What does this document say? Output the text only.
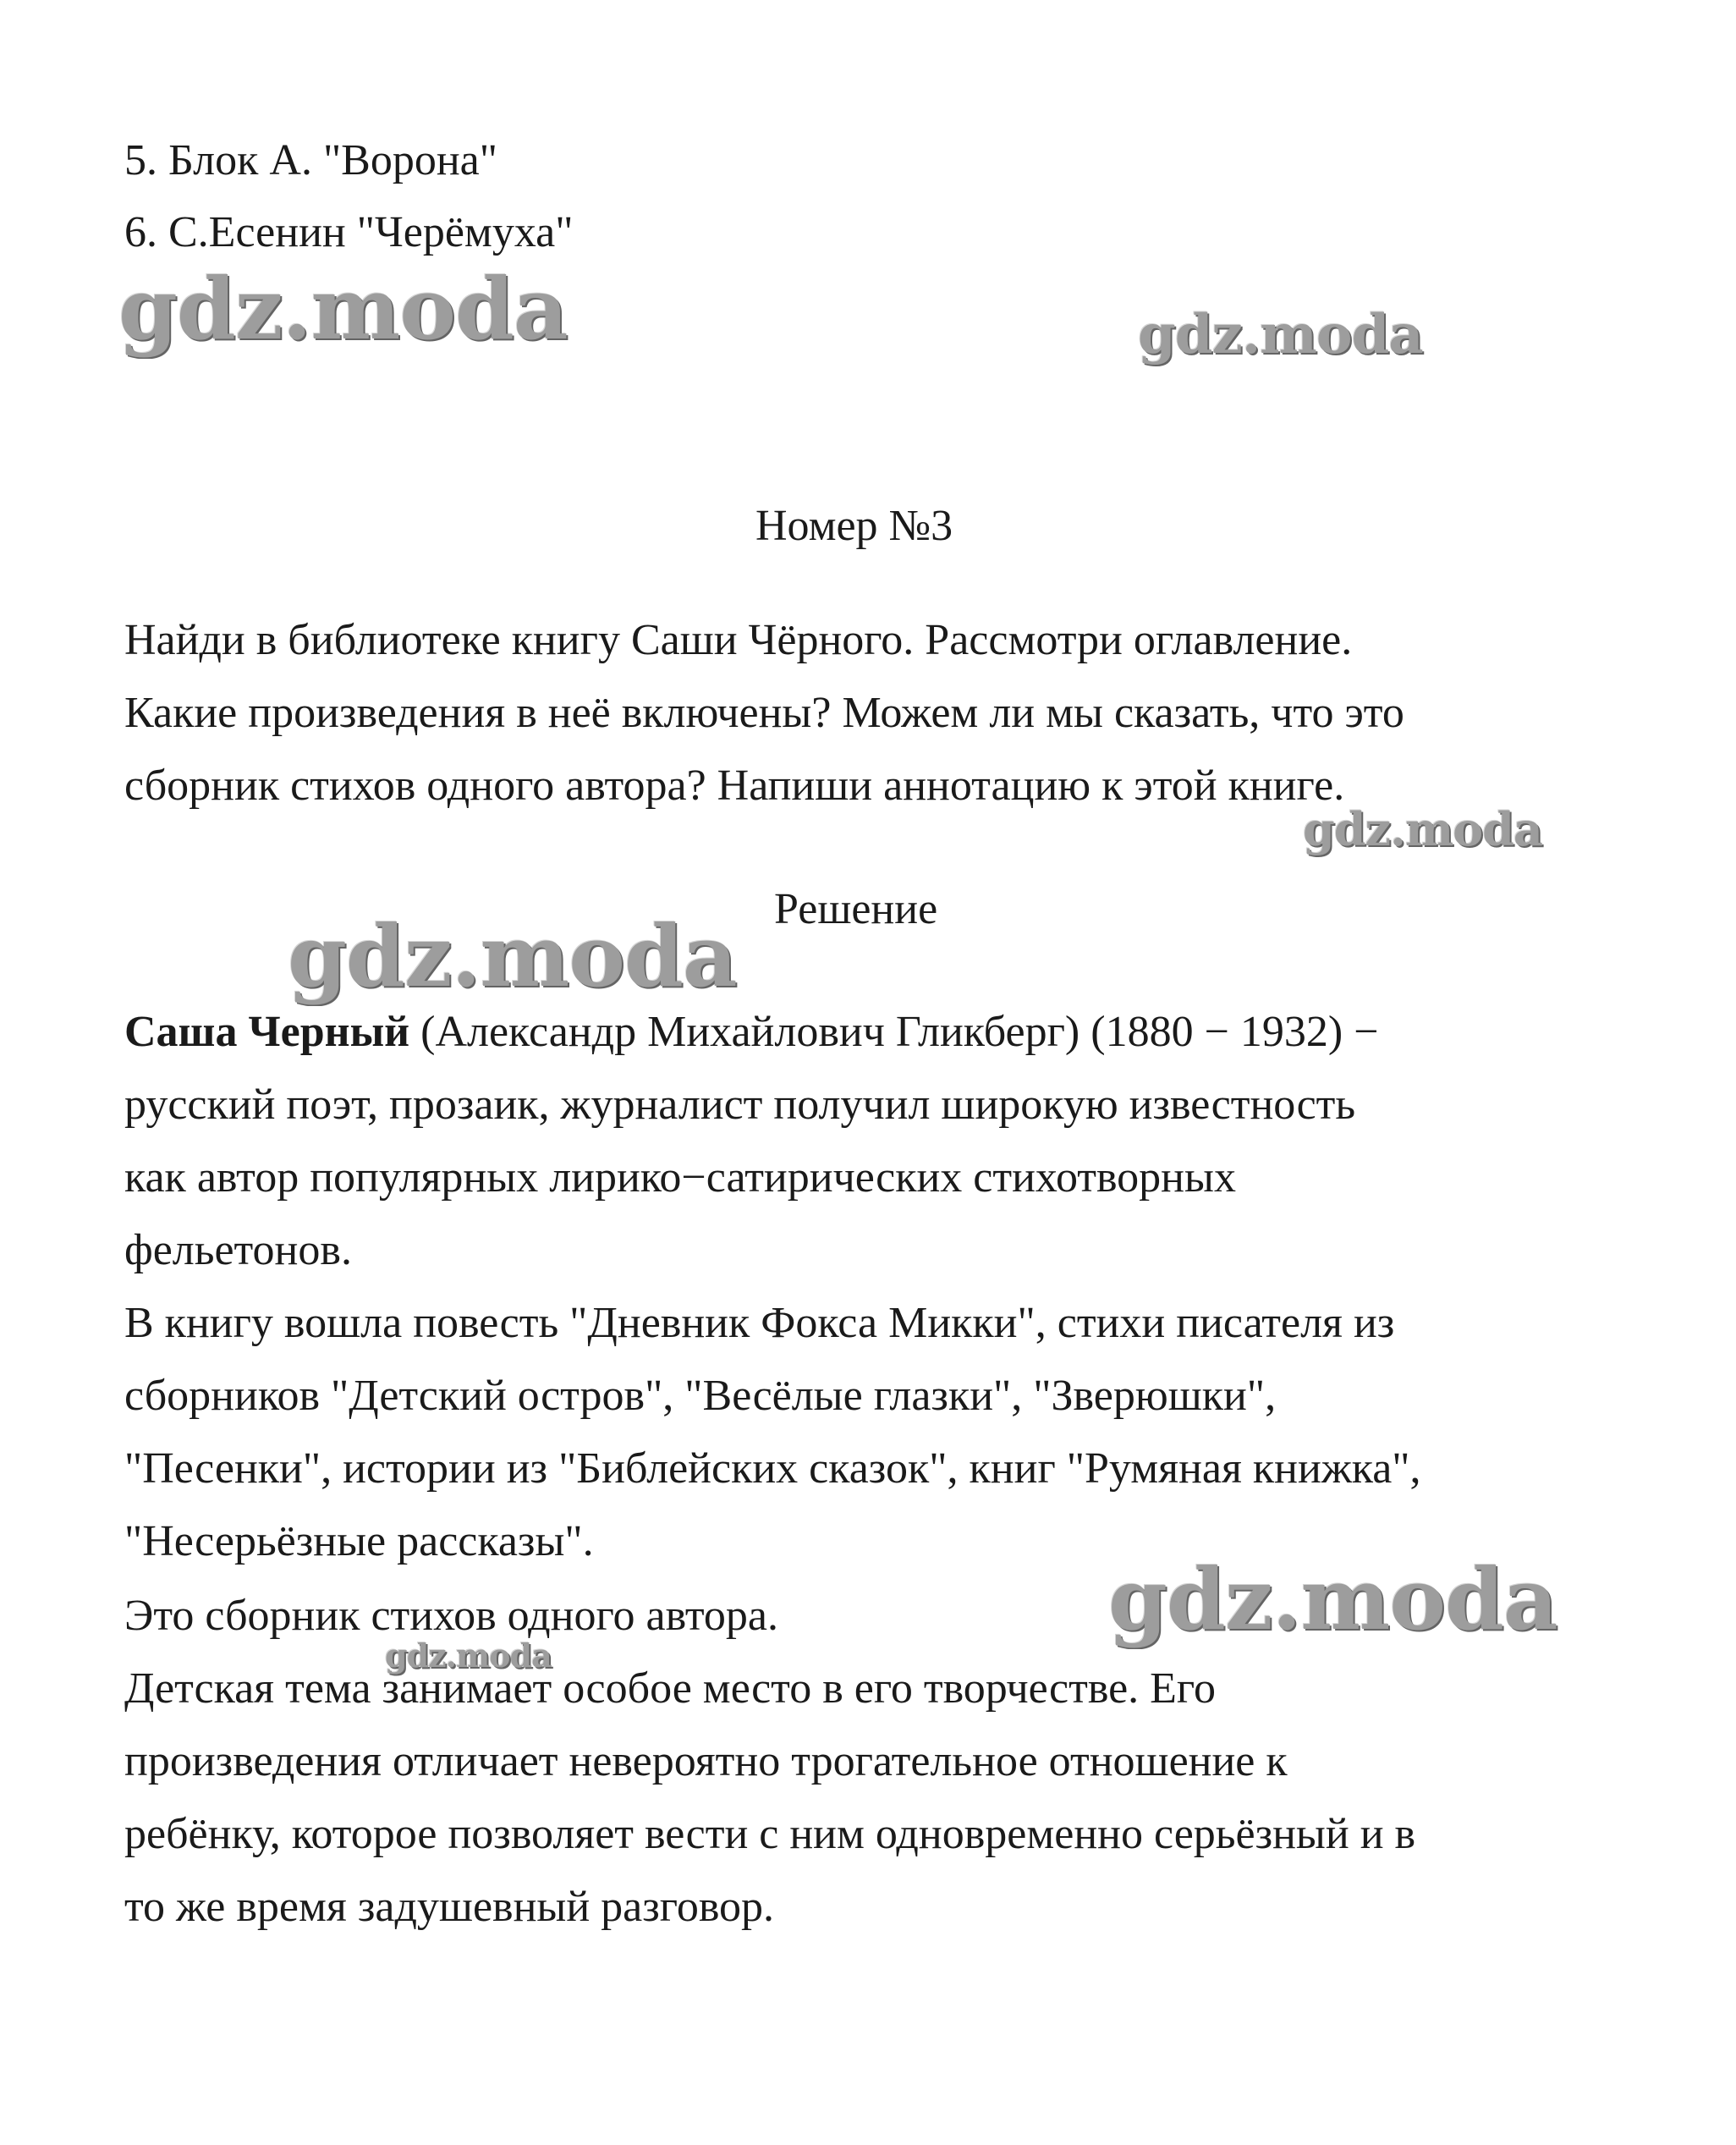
5. Блок А. "Ворона"
6. С.Есенин "Черёмуха"
Номер №3
Найди в библиотеке книгу Саши Чёрного. Рассмотри оглавление.
Какие произведения в неё включены? Можем ли мы сказать, что это
сборник стихов одного автора? Напиши аннотацию к этой книге.
Решение
Саша Черный (Александр Михайлович Гликберг) (1880 − 1932) −
русский поэт, прозаик, журналист получил широкую известность
как автор популярных лирико−сатирических стихотворных
фельетонов.
В книгу вошла повесть "Дневник Фокса Микки", стихи писателя из
сборников "Детский остров", "Весёлые глазки", "Зверюшки",
"Песенки", истории из "Библейских сказок", книг "Румяная книжка",
"Несерьёзные рассказы".
Это сборник стихов одного автора.
Детская тема занимает особое место в его творчестве. Его
произведения отличает невероятно трогательное отношение к
ребёнку, которое позволяет вести с ним одновременно серьёзный и в
то же время задушевный разговор.
gdz.moda	gdz.moda
gdz.moda
gdz.moda
gdz.moda
gdz.moda
